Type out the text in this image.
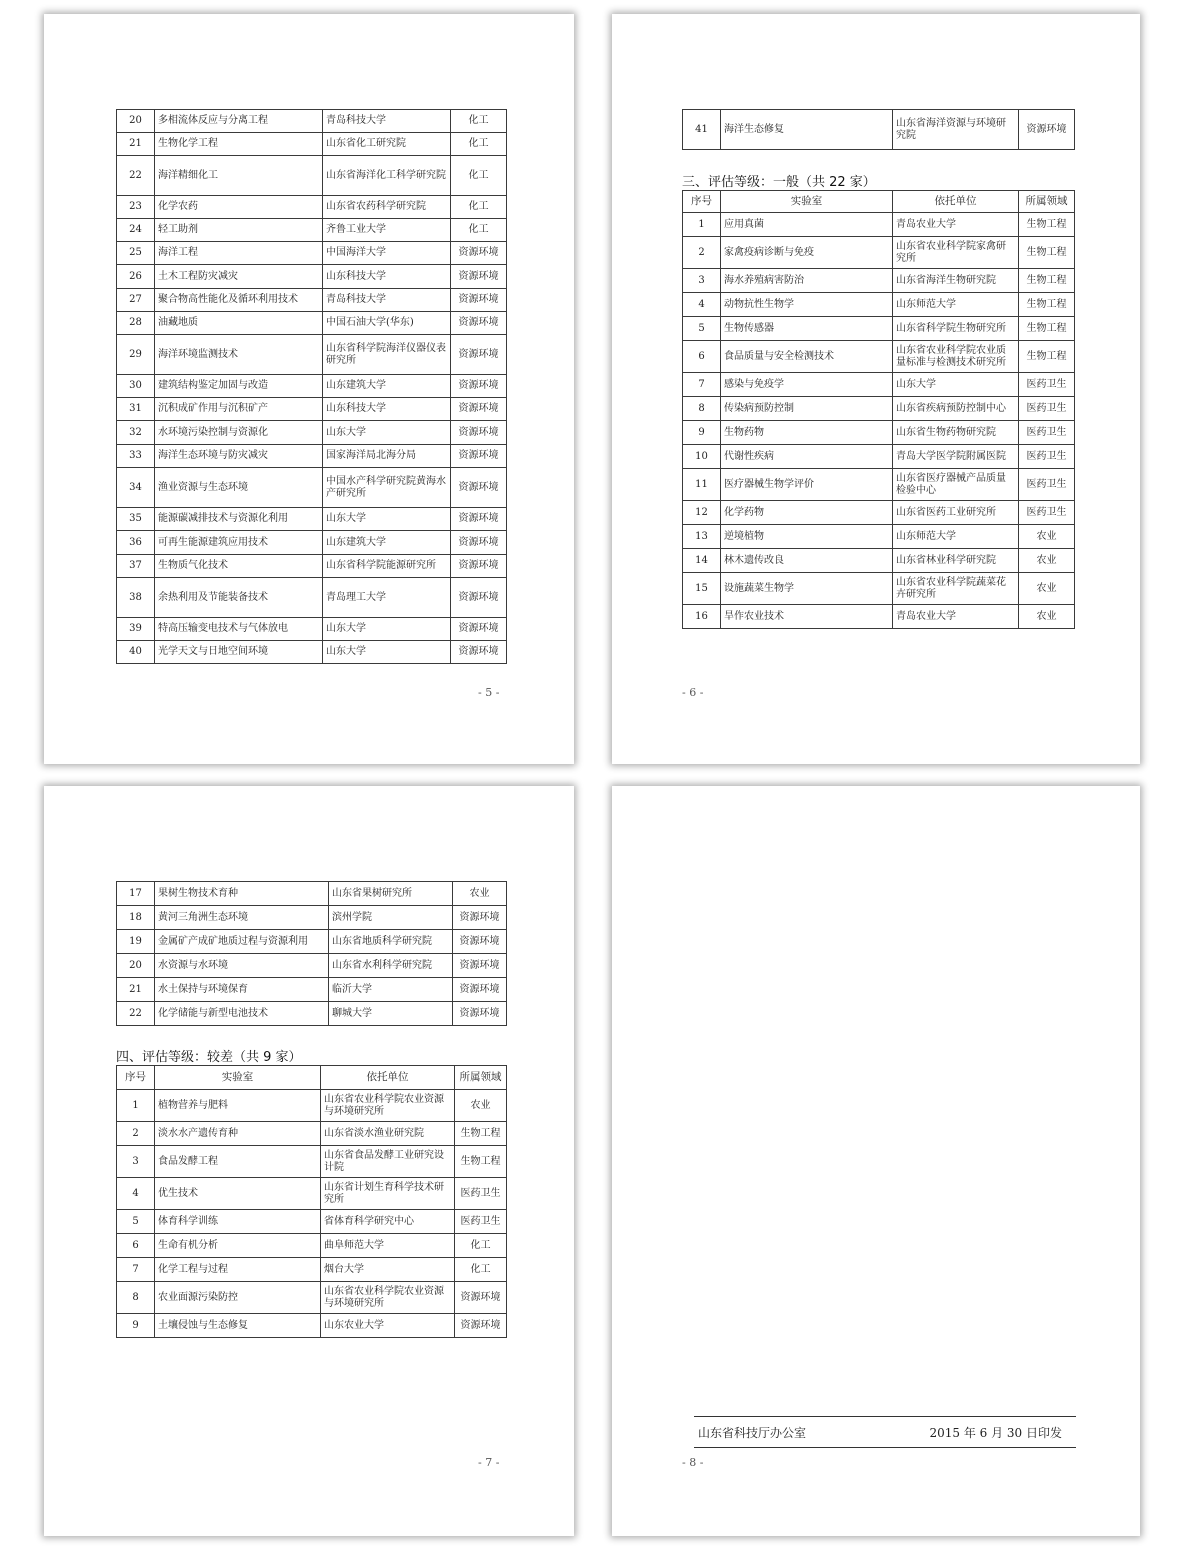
20	多相流体反应与分离工程	青岛科技大学	化工
21	生物化学工程	山东省化工研究院	化工
22	海洋精细化工	山东省海洋化工科学研究院	化工
23	化学农药	山东省农药科学研究院	化工
24	轻工助剂	齐鲁工业大学	化工
25	海洋工程	中国海洋大学	资源环境
26	土木工程防灾减灾	山东科技大学	资源环境
27	聚合物高性能化及循环利用技术	青岛科技大学	资源环境
28	油藏地质	中国石油大学(华东)	资源环境
29	海洋环境监测技术	山东省科学院海洋仪器仪表研究所	资源环境
30	建筑结构鉴定加固与改造	山东建筑大学	资源环境
31	沉积成矿作用与沉积矿产	山东科技大学	资源环境
32	水环境污染控制与资源化	山东大学	资源环境
33	海洋生态环境与防灾减灾	国家海洋局北海分局	资源环境
34	渔业资源与生态环境	中国水产科学研究院黄海水产研究所	资源环境
35	能源碳减排技术与资源化利用	山东大学	资源环境
36	可再生能源建筑应用技术	山东建筑大学	资源环境
37	生物质气化技术	山东省科学院能源研究所	资源环境
38	余热利用及节能装备技术	青岛理工大学	资源环境
39	特高压输变电技术与气体放电	山东大学	资源环境
40	光学天文与日地空间环境	山东大学	资源环境
- 5 -
41	海洋生态修复	山东省海洋资源与环境研究院	资源环境
三、评估等级：一般（共 22 家）
序号	实验室	依托单位	所属领域
1	应用真菌	青岛农业大学	生物工程
2	家禽疫病诊断与免疫	山东省农业科学院家禽研究所	生物工程
3	海水养殖病害防治	山东省海洋生物研究院	生物工程
4	动物抗性生物学	山东师范大学	生物工程
5	生物传感器	山东省科学院生物研究所	生物工程
6	食品质量与安全检测技术	山东省农业科学院农业质量标准与检测技术研究所	生物工程
7	感染与免疫学	山东大学	医药卫生
8	传染病预防控制	山东省疾病预防控制中心	医药卫生
9	生物药物	山东省生物药物研究院	医药卫生
10	代谢性疾病	青岛大学医学院附属医院	医药卫生
11	医疗器械生物学评价	山东省医疗器械产品质量检验中心	医药卫生
12	化学药物	山东省医药工业研究所	医药卫生
13	逆境植物	山东师范大学	农业
14	林木遗传改良	山东省林业科学研究院	农业
15	设施蔬菜生物学	山东省农业科学院蔬菜花卉研究所	农业
16	旱作农业技术	青岛农业大学	农业
- 6 -
17	果树生物技术育种	山东省果树研究所	农业
18	黄河三角洲生态环境	滨州学院	资源环境
19	金属矿产成矿地质过程与资源利用	山东省地质科学研究院	资源环境
20	水资源与水环境	山东省水利科学研究院	资源环境
21	水土保持与环境保育	临沂大学	资源环境
22	化学储能与新型电池技术	聊城大学	资源环境
四、评估等级：较差（共 9 家）
序号	实验室	依托单位	所属领域
1	植物营养与肥料	山东省农业科学院农业资源与环境研究所	农业
2	淡水水产遗传育种	山东省淡水渔业研究院	生物工程
3	食品发酵工程	山东省食品发酵工业研究设计院	生物工程
4	优生技术	山东省计划生育科学技术研究所	医药卫生
5	体育科学训练	省体育科学研究中心	医药卫生
6	生命有机分析	曲阜师范大学	化工
7	化学工程与过程	烟台大学	化工
8	农业面源污染防控	山东省农业科学院农业资源与环境研究所	资源环境
9	土壤侵蚀与生态修复	山东农业大学	资源环境
- 7 -
山东省科技厅办公室	2015 年 6 月 30 日印发
- 8 -
